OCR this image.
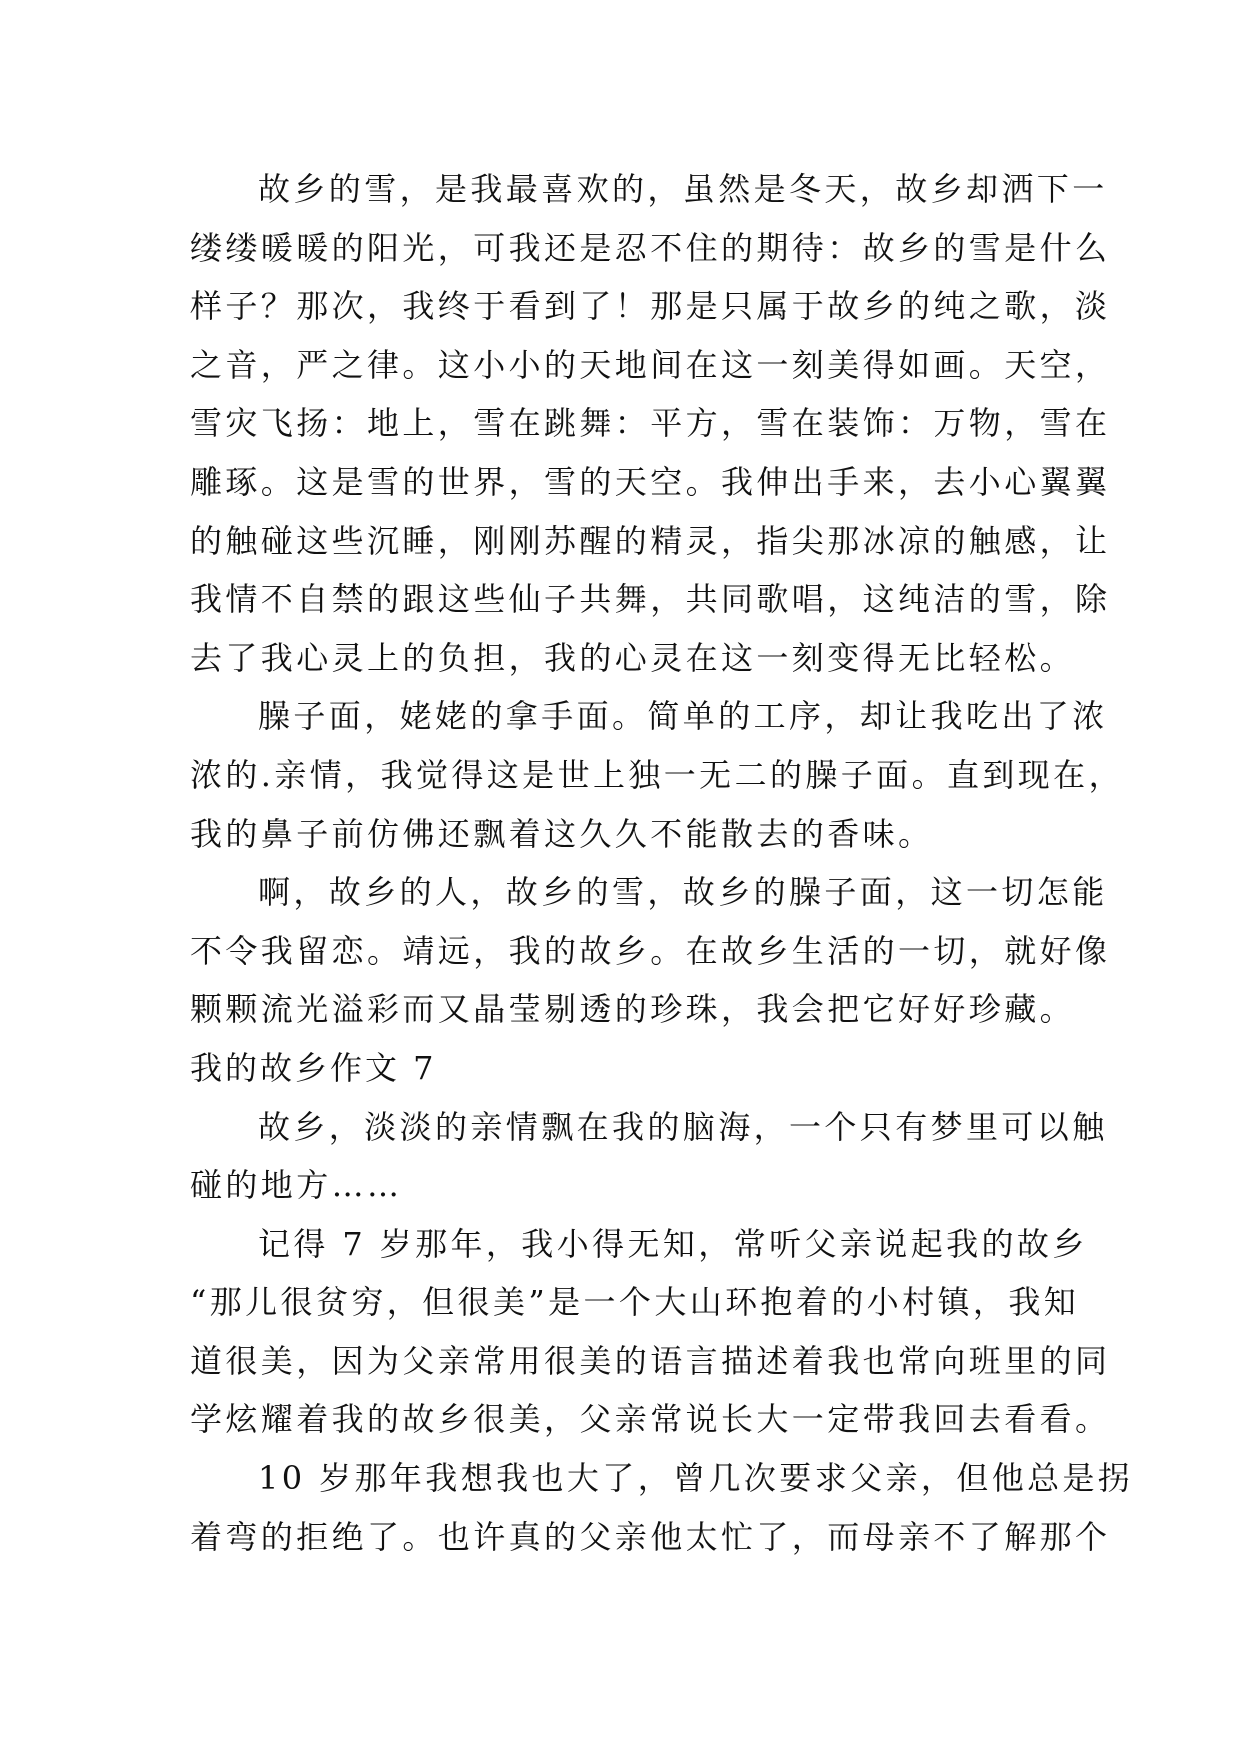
故乡的雪，是我最喜欢的，虽然是冬天，故乡却洒下一
缕缕暖暖的阳光，可我还是忍不住的期待：故乡的雪是什么
样子？那次，我终于看到了！那是只属于故乡的纯之歌，淡
之音，严之律。这小小的天地间在这一刻美得如画。天空，
雪灾飞扬：地上，雪在跳舞：平方，雪在装饰：万物，雪在
雕琢。这是雪的世界，雪的天空。我伸出手来，去小心翼翼
的触碰这些沉睡，刚刚苏醒的精灵，指尖那冰凉的触感，让
我情不自禁的跟这些仙子共舞，共同歌唱，这纯洁的雪，除
去了我心灵上的负担，我的心灵在这一刻变得无比轻松。
臊子面，姥姥的拿手面。简单的工序，却让我吃出了浓
浓的.亲情，我觉得这是世上独一无二的臊子面。直到现在，
我的鼻子前仿佛还飘着这久久不能散去的香味。
啊，故乡的人，故乡的雪，故乡的臊子面，这一切怎能
不令我留恋。靖远，我的故乡。在故乡生活的一切，就好像
颗颗流光溢彩而又晶莹剔透的珍珠，我会把它好好珍藏。
我的故乡作文 7
故乡，淡淡的亲情飘在我的脑海，一个只有梦里可以触
碰的地方……
记得 7 岁那年，我小得无知，常听父亲说起我的故乡
“那儿很贫穷，但很美”是一个大山环抱着的小村镇，我知
道很美，因为父亲常用很美的语言描述着我也常向班里的同
学炫耀着我的故乡很美，父亲常说长大一定带我回去看看。
10 岁那年我想我也大了，曾几次要求父亲，但他总是拐
着弯的拒绝了。也许真的父亲他太忙了，而母亲不了解那个
